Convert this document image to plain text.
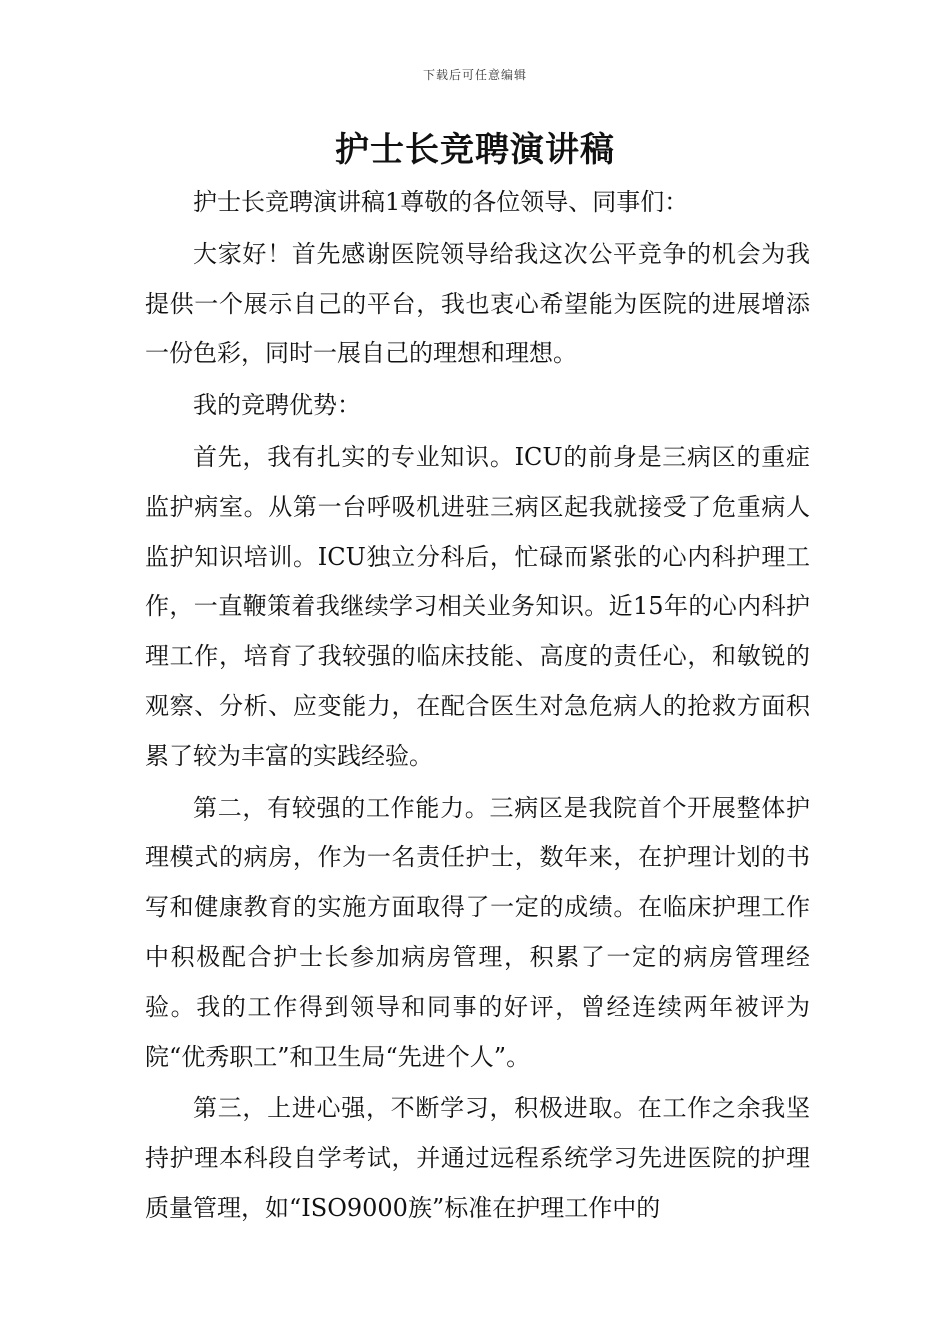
下载后可任意编辑
护士长竞聘演讲稿

护士长竞聘演讲稿1尊敬的各位领导、同事们：

大家好！首先感谢医院领导给我这次公平竞争的机会为我提供一个展示自己的平台，我也衷心希望能为医院的进展增添一份色彩，同时一展自己的理想和理想。

我的竞聘优势：

首先，我有扎实的专业知识。ICU的前身是三病区的重症监护病室。从第一台呼吸机进驻三病区起我就接受了危重病人监护知识培训。ICU独立分科后，忙碌而紧张的心内科护理工作，一直鞭策着我继续学习相关业务知识。近15年的心内科护理工作，培育了我较强的临床技能、高度的责任心，和敏锐的观察、分析、应变能力，在配合医生对急危病人的抢救方面积累了较为丰富的实践经验。

第二，有较强的工作能力。三病区是我院首个开展整体护理模式的病房，作为一名责任护士，数年来，在护理计划的书写和健康教育的实施方面取得了一定的成绩。在临床护理工作中积极配合护士长参加病房管理，积累了一定的病房管理经验。我的工作得到领导和同事的好评，曾经连续两年被评为院“优秀职工”和卫生局“先进个人”。

第三，上进心强，不断学习，积极进取。在工作之余我坚持护理本科段自学考试，并通过远程系统学习先进医院的护理质量管理，如“ISO9000族”标准在护理工作中的
